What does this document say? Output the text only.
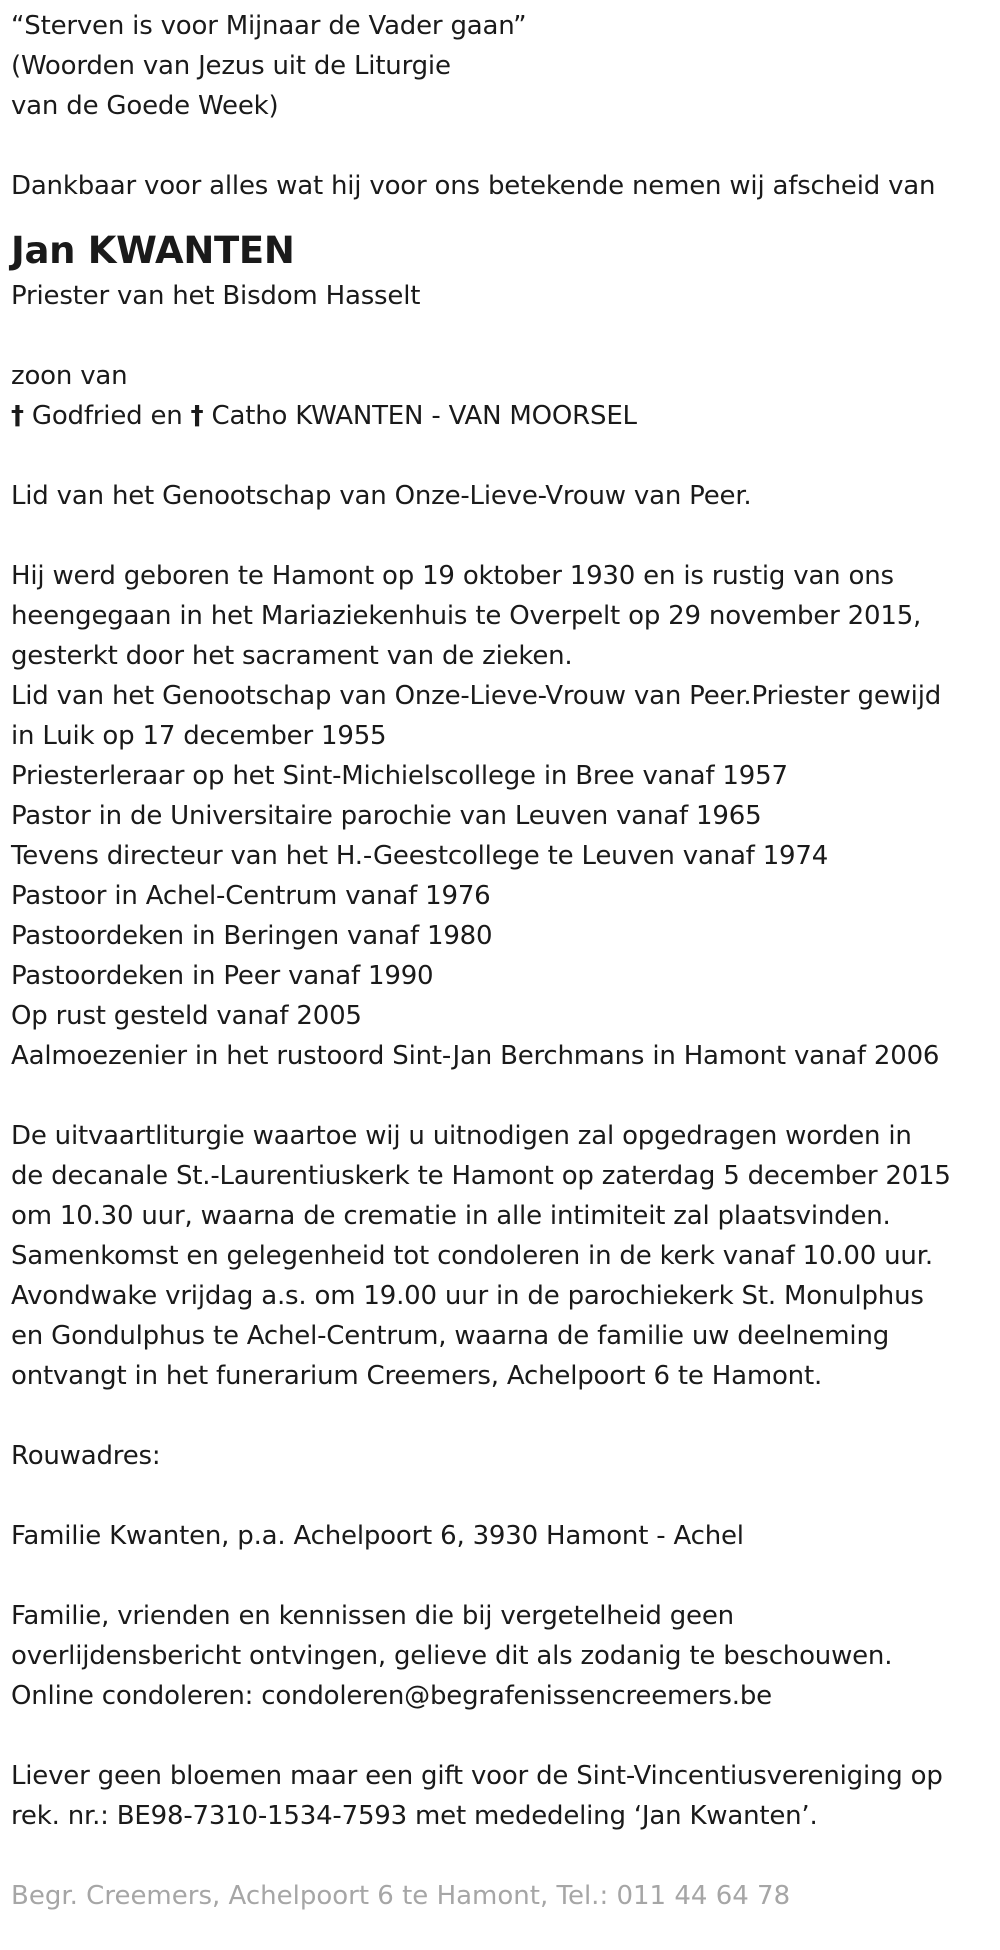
“Sterven is voor Mijnaar de Vader gaan”
(Woorden van Jezus uit de Liturgie
van de Goede Week)
Dankbaar voor alles wat hij voor ons betekende nemen wij afscheid van
Jan KWANTEN
Priester van het Bisdom Hasselt
zoon van
† Godfried en † Catho KWANTEN - VAN MOORSEL
Lid van het Genootschap van Onze-Lieve-Vrouw van Peer.
Hij werd geboren te Hamont op 19 oktober 1930 en is rustig van ons
heengegaan in het Mariaziekenhuis te Overpelt op 29 november 2015,
gesterkt door het sacrament van de zieken.
Lid van het Genootschap van Onze-Lieve-Vrouw van Peer.Priester gewijd
in Luik op 17 december 1955
Priesterleraar op het Sint-Michielscollege in Bree vanaf 1957
Pastor in de Universitaire parochie van Leuven vanaf 1965
Tevens directeur van het H.-Geestcollege te Leuven vanaf 1974
Pastoor in Achel-Centrum vanaf 1976
Pastoordeken in Beringen vanaf 1980
Pastoordeken in Peer vanaf 1990
Op rust gesteld vanaf 2005
Aalmoezenier in het rustoord Sint-Jan Berchmans in Hamont vanaf 2006
De uitvaartliturgie waartoe wij u uitnodigen zal opgedragen worden in
de decanale St.-Laurentiuskerk te Hamont op zaterdag 5 december 2015
om 10.30 uur, waarna de crematie in alle intimiteit zal plaatsvinden.
Samenkomst en gelegenheid tot condoleren in de kerk vanaf 10.00 uur.
Avondwake vrijdag a.s. om 19.00 uur in de parochiekerk St. Monulphus
en Gondulphus te Achel-Centrum, waarna de familie uw deelneming
ontvangt in het funerarium Creemers, Achelpoort 6 te Hamont.
Rouwadres:
Familie Kwanten, p.a. Achelpoort 6, 3930 Hamont - Achel
Familie, vrienden en kennissen die bij vergetelheid geen
overlijdensbericht ontvingen, gelieve dit als zodanig te beschouwen.
Online condoleren: condoleren@begrafenissencreemers.be
Liever geen bloemen maar een gift voor de Sint-Vincentiusvereniging op
rek. nr.: BE98-7310-1534-7593 met mededeling ‘Jan Kwanten’.
Begr. Creemers, Achelpoort 6 te Hamont, Tel.: 011 44 64 78
